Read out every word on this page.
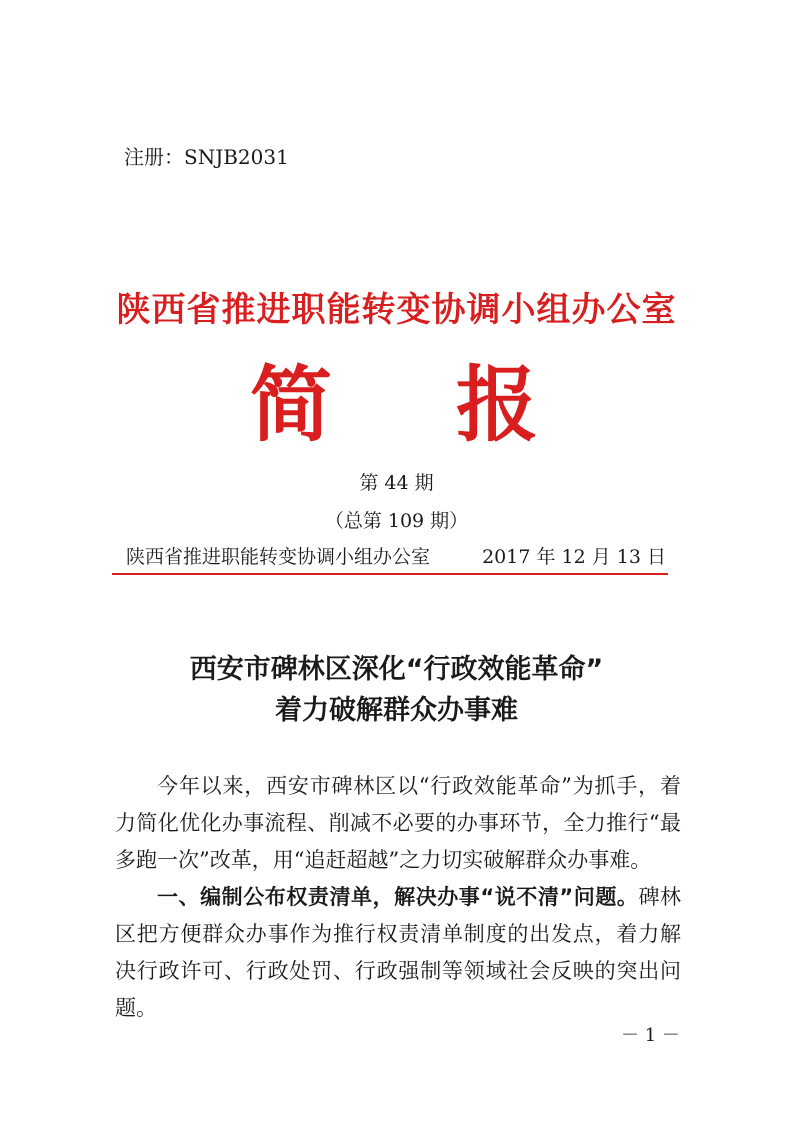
注册：SNJB2031
陕西省推进职能转变协调小组办公室
简 报
第 44 期
（总第 109 期）
陕西省推进职能转变协调小组办公室	2017 年 12 月 13 日
西安市碑林区深化“行政效能革命”
着力破解群众办事难

今年以来，西安市碑林区以“行政效能革命”为抓手，着力简化优化办事流程、削减不必要的办事环节，全力推行“最多跑一次”改革，用“追赶超越”之力切实破解群众办事难。

一、编制公布权责清单，解决办事“说不清”问题。碑林区把方便群众办事作为推行权责清单制度的出发点，着力解决行政许可、行政处罚、行政强制等领域社会反映的突出问题。

－ 1 －
